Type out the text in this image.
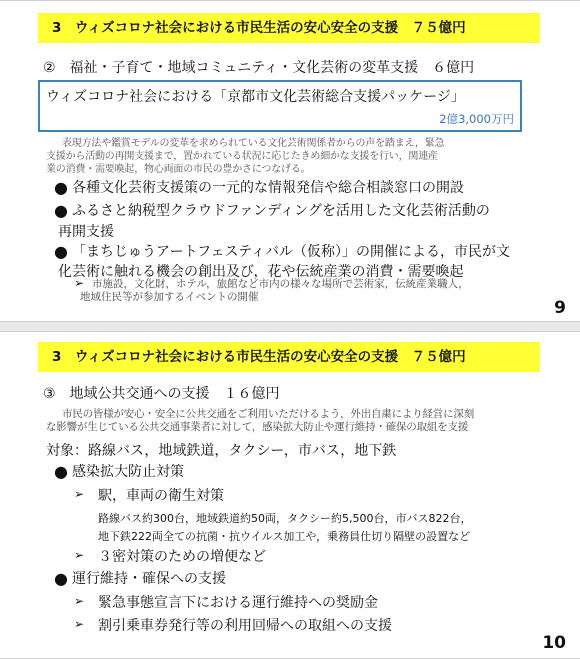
3　ウィズコロナ社会における市民生活の安心安全の支援　７５億円
②　福祉・子育て・地域コミュニティ・文化芸術の変革支援　６億円
ウィズコロナ社会における「京都市文化芸術総合支援パッケージ」
2億3,000万円
表現方法や鑑賞モデルの変革を求められている文化芸術関係者からの声を踏まえ，緊急
支援から活動の再開支援まで，置かれている状況に応じたきめ細かな支援を行い，関連産
業の消費・需要喚起，物心両面の市民の豊かさにつなげる。
● 各種文化芸術支援策の一元的な情報発信や総合相談窓口の開設
● ふるさと納税型クラウドファンディングを活用した文化芸術活動の
再開支援
● 「まちじゅうアートフェスティバル（仮称）」の開催による，市民が文
化芸術に触れる機会の創出及び，花や伝統産業の消費・需要喚起
➢ 市施設，文化財，ホテル，旅館など市内の様々な場所で芸術家，伝統産業職人，
地域住民等が参加するイベントの開催
9
3　ウィズコロナ社会における市民生活の安心安全の支援　７５億円
③　地域公共交通への支援　１６億円
市民の皆様が安心・安全に公共交通をご利用いただけるよう，外出自粛により経営に深刻
な影響が生じている公共交通事業者に対して，感染拡大防止や運行維持・確保の取組を支援
対象：路線バス，地域鉄道，タクシー，市バス，地下鉄
● 感染拡大防止対策
➢ 駅，車両の衛生対策
路線バス約300台，地域鉄道約50両，タクシー約5,500台，市バス822台，
地下鉄222両全ての抗菌・抗ウイルス加工や，乗務員仕切り隔壁の設置など
➢ ３密対策のための増便など
● 運行維持・確保への支援
➢ 緊急事態宣言下における運行維持への奨励金
➢ 割引乗車券発行等の利用回帰への取組への支援
10
